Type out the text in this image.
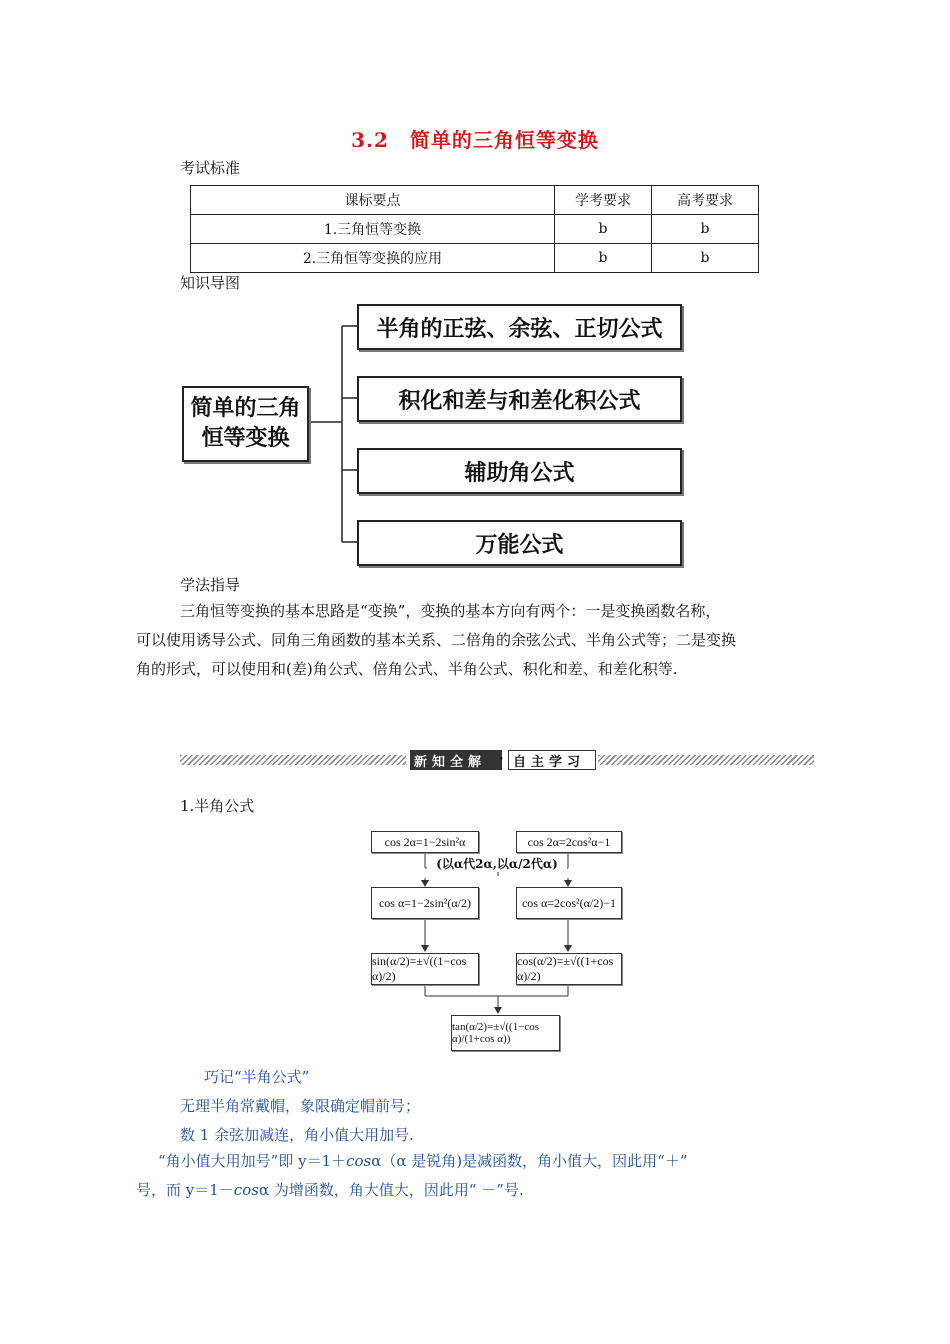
3.2　简单的三角恒等变换
考试标准
课标要点	学考要求	高考要求
1.三角恒等变换	b	b
2.三角恒等变换的应用	b	b
知识导图
简单的三角
恒等变换
半角的正弦、余弦、正切公式
积化和差与和差化积公式
辅助角公式
万能公式
学法指导
三角恒等变换的基本思路是“变换”，变换的基本方向有两个：一是变换函数名称，
可以使用诱导公式、同角三角函数的基本关系、二倍角的余弦公式、半角公式等；二是变换
角的形式，可以使用和(差)角公式、倍角公式、半角公式、积化和差、和差化积等.
新知全解 · 自主学习
1.半角公式
cos 2α=1−2sin²α	cos 2α=2cos²α−1
(以α代2α,以α/2代α)
cos α=1−2sin²(α/2)	cos α=2cos²(α/2)−1
sin(α/2)=±√((1−cos α)/2)
cos(α/2)=±√((1+cos α)/2)
tan(α/2)=±√((1−cos α)/(1+cos α))
巧记“半角公式”
无理半角常戴帽，象限确定帽前号；
数 1 余弦加减连，角小值大用加号.
“角小值大用加号”即 y＝1＋cosα（α 是锐角)是减函数，角小值大，因此用“＋”
号，而 y＝1－cosα 为增函数，角大值大，因此用“ －”号.
